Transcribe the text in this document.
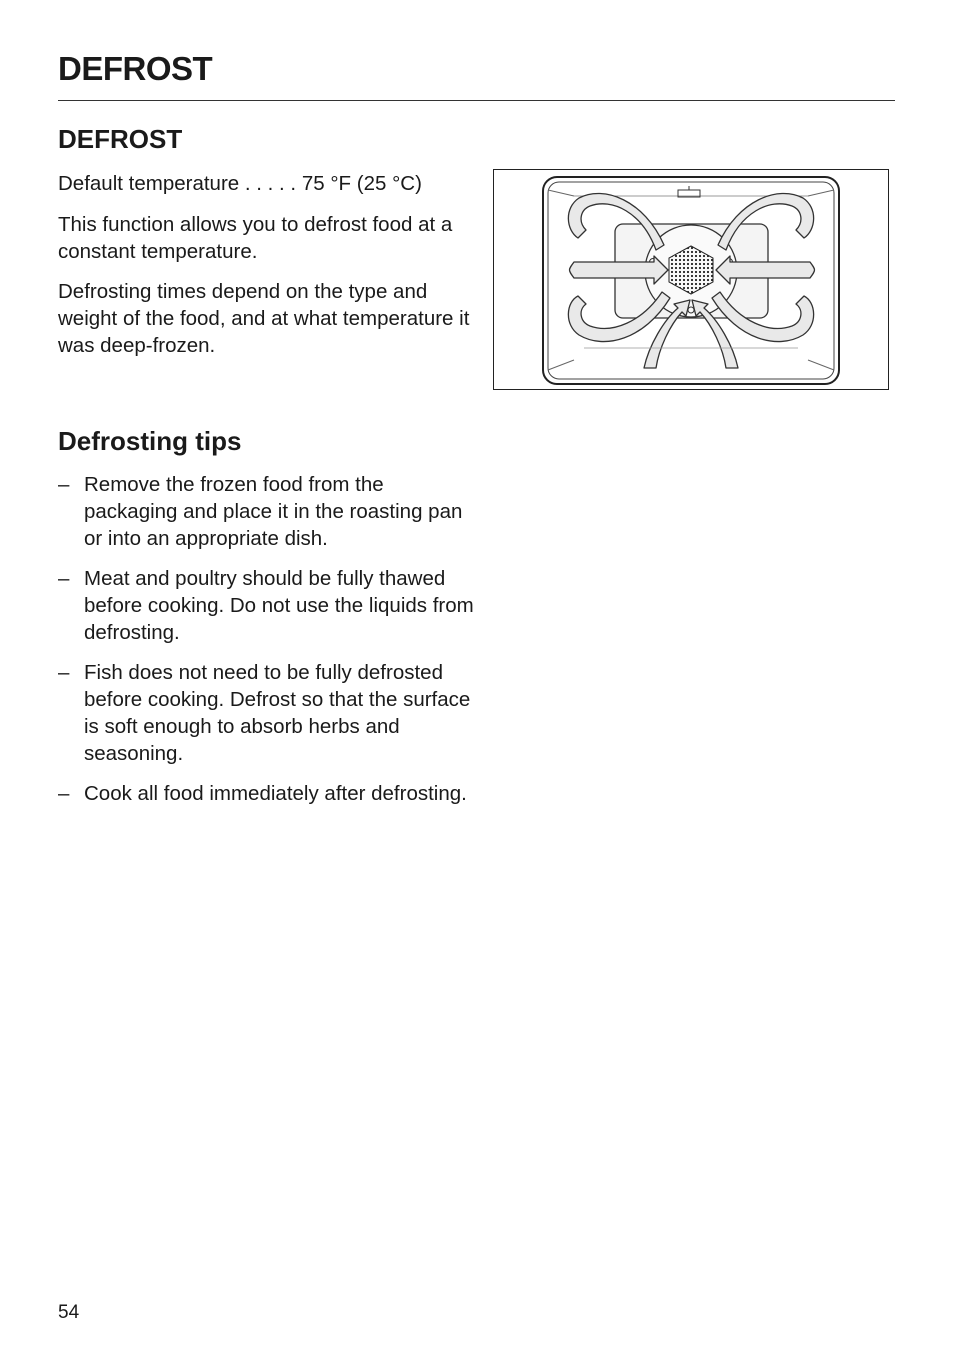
DEFROST
DEFROST

Default temperature . . . . . 75 °F (25 °C)

This function allows you to defrost food at a constant temperature.

Defrosting times depend on the type and weight of the food, and at what temperature it was deep-frozen.

Defrosting tips
– Remove the frozen food from the packaging and place it in the roasting pan or into an appropriate dish.
– Meat and poultry should be fully thawed before cooking. Do not use the liquids from defrosting.
– Fish does not need to be fully defrosted before cooking. Defrost so that the surface is soft enough to absorb herbs and seasoning.
– Cook all food immediately after defrosting.
54
